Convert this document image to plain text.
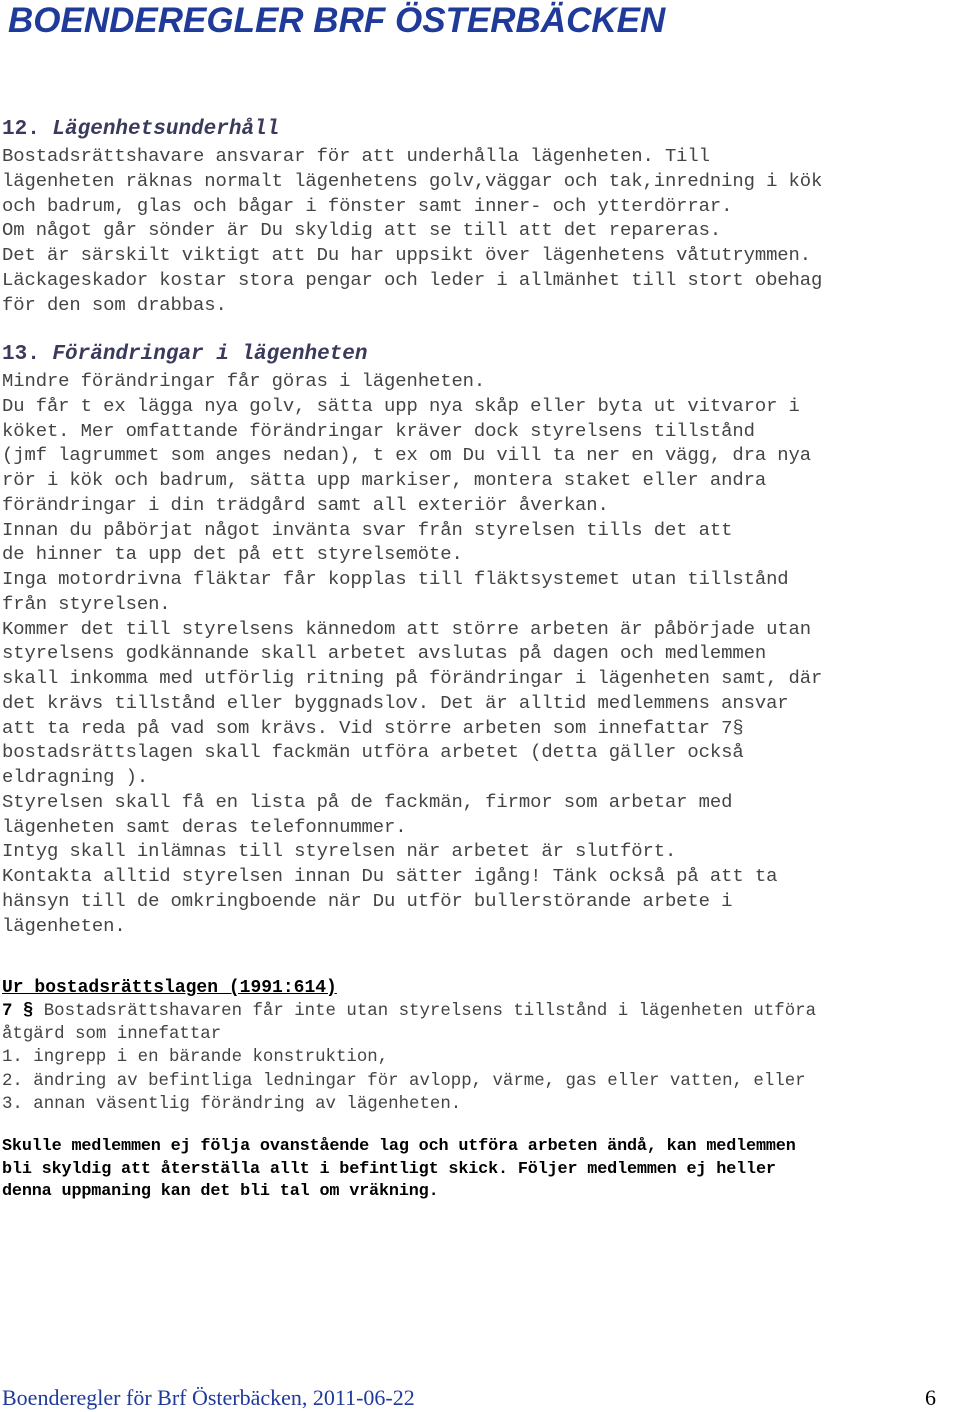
BOENDEREGLER BRF ÖSTERBÄCKEN
12. Lägenhetsunderhåll
Bostadsrättshavare ansvarar för att underhålla lägenheten. Till
lägenheten räknas normalt lägenhetens golv,väggar och tak,inredning i kök
och badrum, glas och bågar i fönster samt inner- och ytterdörrar.
Om något går sönder är Du skyldig att se till att det repareras.
Det är särskilt viktigt att Du har uppsikt över lägenhetens våtutrymmen.
Läckageskador kostar stora pengar och leder i allmänhet till stort obehag
för den som drabbas.
13. Förändringar i lägenheten
Mindre förändringar får göras i lägenheten.
Du får t ex lägga nya golv, sätta upp nya skåp eller byta ut vitvaror i
köket. Mer omfattande förändringar kräver dock styrelsens tillstånd
(jmf lagrummet som anges nedan), t ex om Du vill ta ner en vägg, dra nya
rör i kök och badrum, sätta upp markiser, montera staket eller andra
förändringar i din trädgård samt all exteriör åverkan.
Innan du påbörjat något invänta svar från styrelsen tills det att
de hinner ta upp det på ett styrelsemöte.
Inga motordrivna fläktar får kopplas till fläktsystemet utan tillstånd
från styrelsen.
Kommer det till styrelsens kännedom att större arbeten är påbörjade utan
styrelsens godkännande skall arbetet avslutas på dagen och medlemmen
skall inkomma med utförlig ritning på förändringar i lägenheten samt, där
det krävs tillstånd eller byggnadslov. Det är alltid medlemmens ansvar
att ta reda på vad som krävs. Vid större arbeten som innefattar 7§
bostadsrättslagen skall fackmän utföra arbetet (detta gäller också
eldragning ).
Styrelsen skall få en lista på de fackmän, firmor som arbetar med
lägenheten samt deras telefonnummer.
Intyg skall inlämnas till styrelsen när arbetet är slutfört.
Kontakta alltid styrelsen innan Du sätter igång! Tänk också på att ta
hänsyn till de omkringboende när Du utför bullerstörande arbete i
lägenheten.
Ur bostadsrättslagen (1991:614)
7 § Bostadsrättshavaren får inte utan styrelsens tillstånd i lägenheten utföra
åtgärd som innefattar
1. ingrepp i en bärande konstruktion,
2. ändring av befintliga ledningar för avlopp, värme, gas eller vatten, eller
3. annan väsentlig förändring av lägenheten.
Skulle medlemmen ej följa ovanstående lag och utföra arbeten ändå, kan medlemmen
bli skyldig att återställa allt i befintligt skick. Följer medlemmen ej heller
denna uppmaning kan det bli tal om vräkning.
Boenderegler för Brf Österbäcken, 2011-06-22	6
